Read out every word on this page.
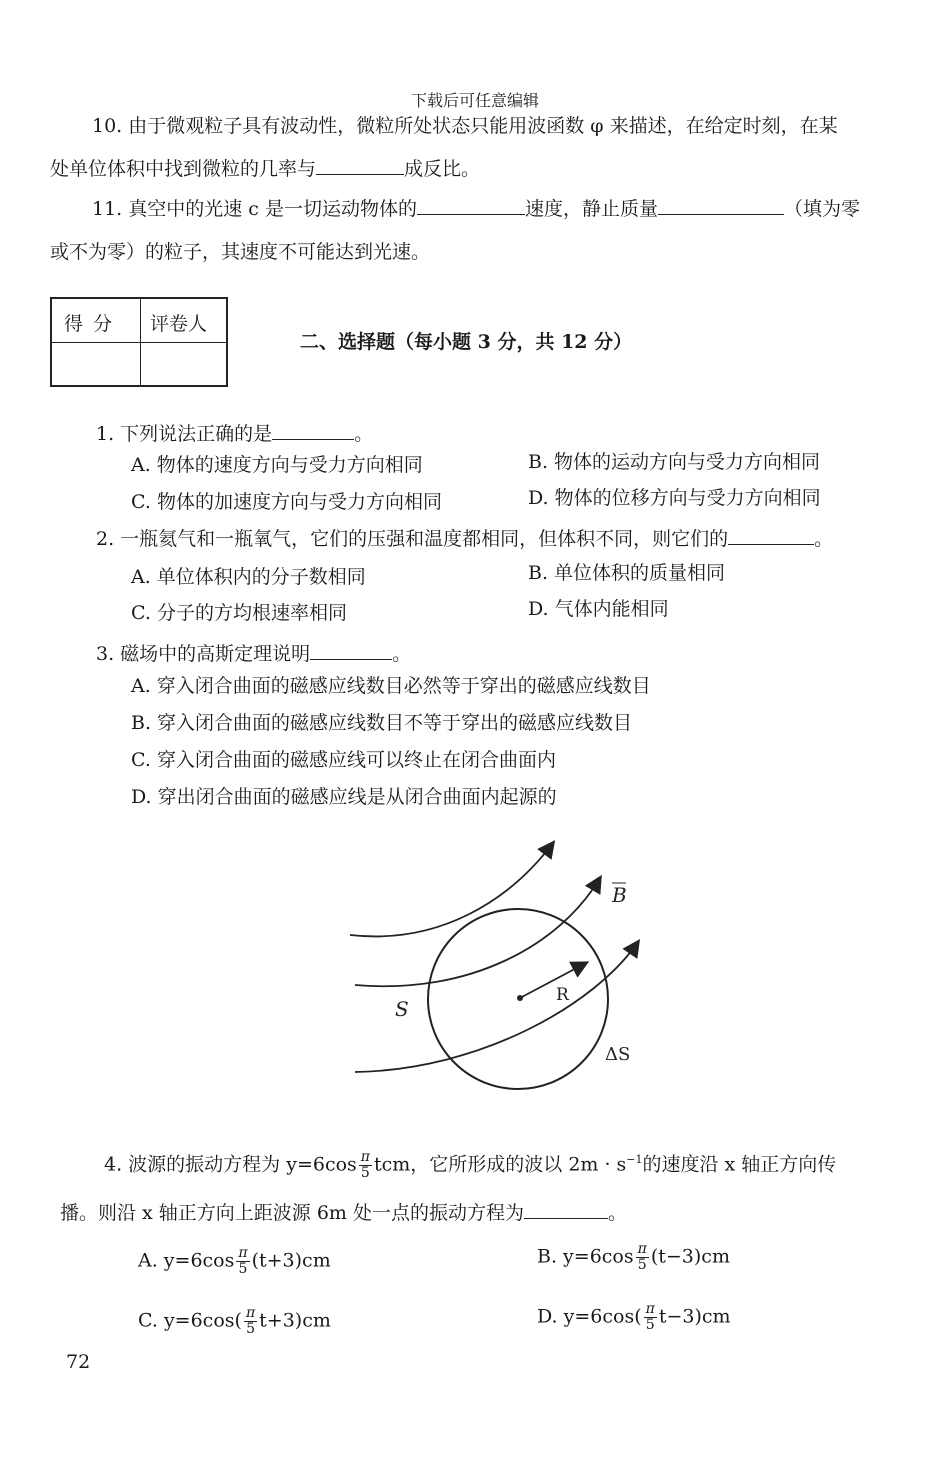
下载后可任意编辑
10. 由于微观粒子具有波动性，微粒所处状态只能用波函数 φ 来描述，在给定时刻，在某
处单位体积中找到微粒的几率与	成反比。
11. 真空中的光速 c 是一切运动物体的	速度，静止质量	（填为零
或不为零）的粒子，其速度不可能达到光速。
得分 评卷人
二、选择题（每小题 3 分，共 12 分）
1. 下列说法正确的是	。
A. 物体的速度方向与受力方向相同	B. 物体的运动方向与受力方向相同
C. 物体的加速度方向与受力方向相同	D. 物体的位移方向与受力方向相同
2. 一瓶氦气和一瓶氧气，它们的压强和温度都相同，但体积不同，则它们的	。
A. 单位体积内的分子数相同	B. 单位体积的质量相同
C. 分子的方均根速率相同	D. 气体内能相同
3. 磁场中的高斯定理说明	。
A. 穿入闭合曲面的磁感应线数目必然等于穿出的磁感应线数目
B. 穿入闭合曲面的磁感应线数目不等于穿出的磁感应线数目
C. 穿入闭合曲面的磁感应线可以终止在闭合曲面内
D. 穿出闭合曲面的磁感应线是从闭合曲面内起源的
S
B
R
ΔS
4. 波源的振动方程为 $y=6\cos \frac{\pi}{5}$ tcm，它所形成的波以 $2m \cdot s^{-1}$的速度沿 x 轴正方向传
播。则沿 x 轴正方向上距波源 6m 处一点的振动方程为	。
A. $y=6\cos \frac{\pi}{5} (t+3)cm$	B. $y=6\cos \frac{\pi}{5} (t-3)cm$
C. $y=6\cos( \frac{\pi}{5} t+3)cm$	D. $y=6\cos( \frac{\pi}{5} t-3)cm$
72
